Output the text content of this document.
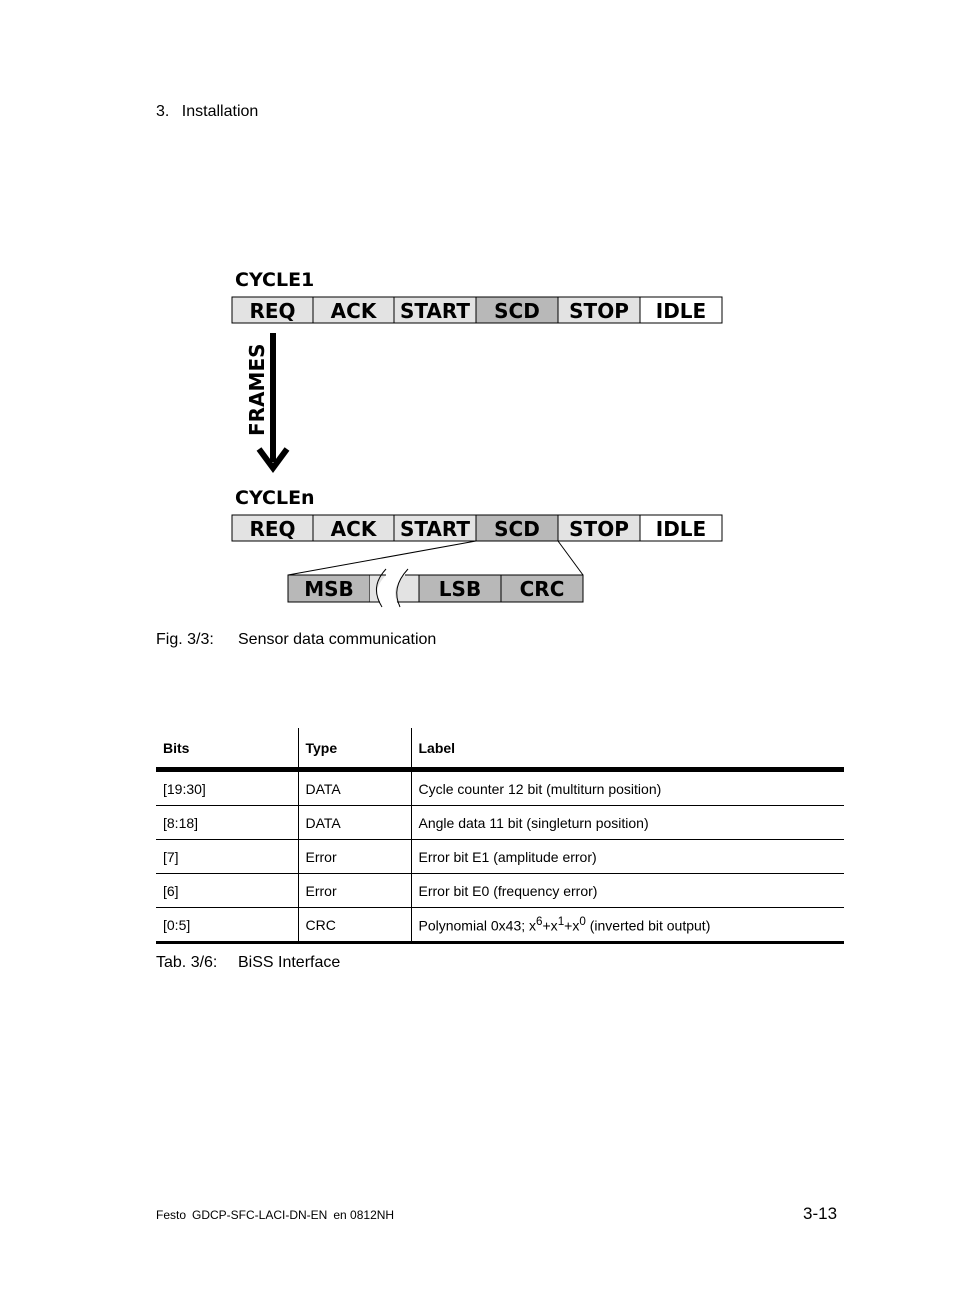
3. Installation
CYCLE1
REQ ACK START SCD STOP IDLE
FRAMES
CYCLEn
REQ ACK START SCD STOP IDLE
MSB	LSB CRC
Fig. 3/3: Sensor data communication
Bits	Type	Label
[19:30]	DATA	Cycle counter 12 bit (multiturn position)
[8:18]	DATA	Angle data 11 bit (singleturn position)
[7]	Error	Error bit E1 (amplitude error)
[6]	Error	Error bit E0 (frequency error)
[0:5]	CRC	Polynomial 0x43; $x^6+x^1+x^0$ (inverted bit output)
Tab. 3/6: BiSS Interface
Festo GDCP-SFC-LACI-DN-EN en 0812NH	3-13
